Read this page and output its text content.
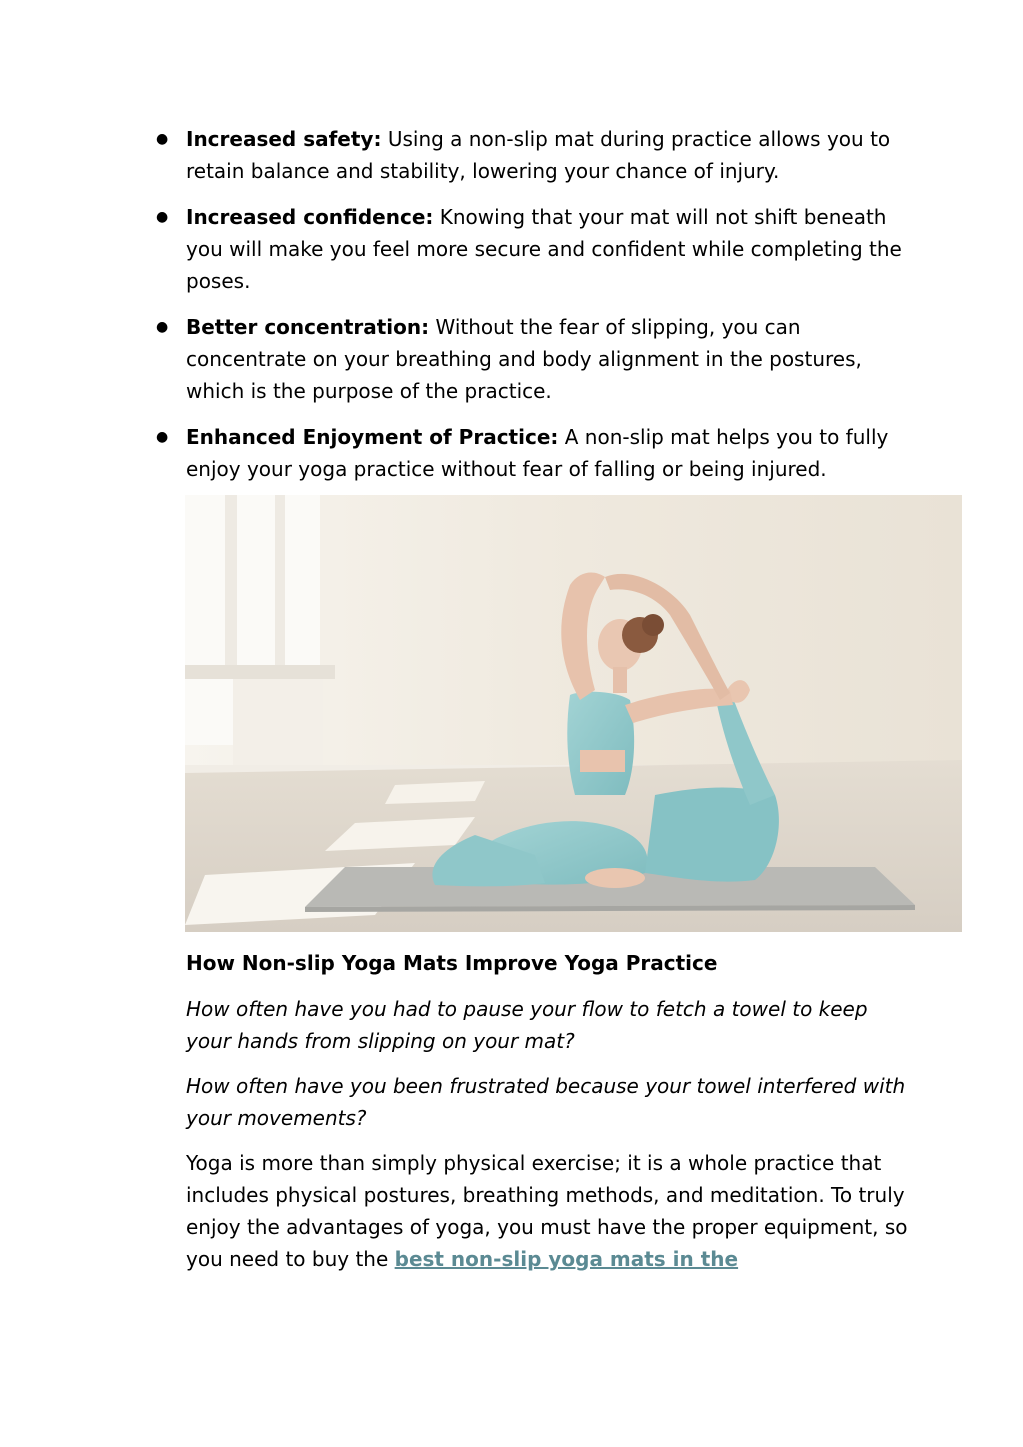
● Increased safety: Using a non-slip mat during practice allows you to retain balance and stability, lowering your chance of injury.
● Increased confidence: Knowing that your mat will not shift beneath you will make you feel more secure and confident while completing the poses.
● Better concentration: Without the fear of slipping, you can concentrate on your breathing and body alignment in the postures, which is the purpose of the practice.
● Enhanced Enjoyment of Practice: A non-slip mat helps you to fully enjoy your yoga practice without fear of falling or being injured.

How Non-slip Yoga Mats Improve Yoga Practice

How often have you had to pause your flow to fetch a towel to keep your hands from slipping on your mat?

How often have you been frustrated because your towel interfered with your movements?

Yoga is more than simply physical exercise; it is a whole practice that includes physical postures, breathing methods, and meditation. To truly enjoy the advantages of yoga, you must have the proper equipment, so you need to buy the best non-slip yoga mats in the
